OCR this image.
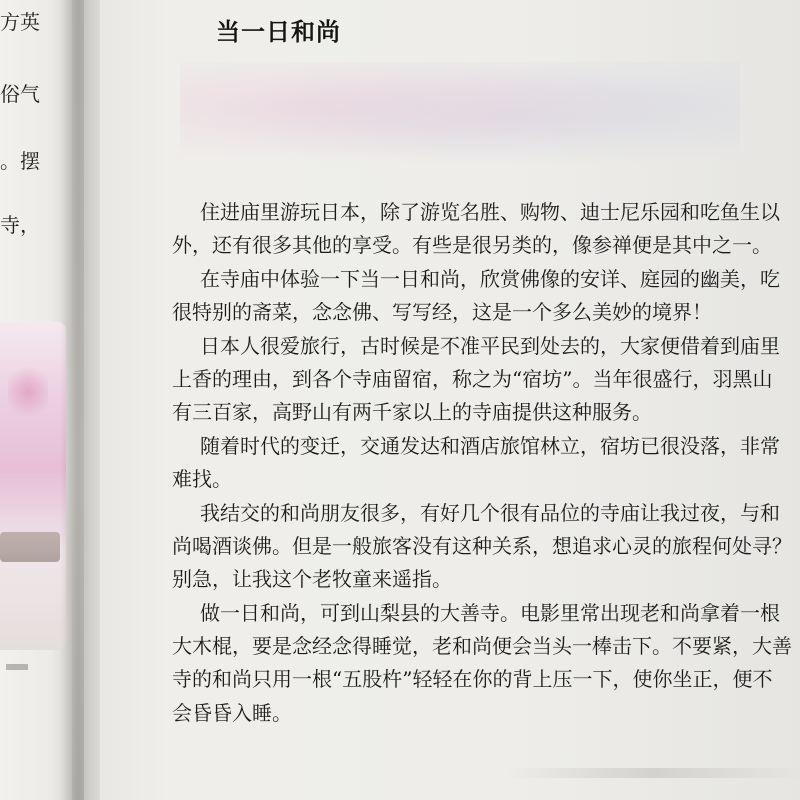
方英
俗气
。摆
寺，
当一日和尚
住进庙里游玩日本，除了游览名胜、购物、迪士尼乐园和吃鱼生以
外，还有很多其他的享受。有些是很另类的，像参禅便是其中之一。
在寺庙中体验一下当一日和尚，欣赏佛像的安详、庭园的幽美，吃
很特别的斋菜，念念佛、写写经，这是一个多么美妙的境界！
日本人很爱旅行，古时候是不准平民到处去的，大家便借着到庙里
上香的理由，到各个寺庙留宿，称之为“宿坊”。当年很盛行，羽黑山
有三百家，高野山有两千家以上的寺庙提供这种服务。
随着时代的变迁，交通发达和酒店旅馆林立，宿坊已很没落，非常
难找。
我结交的和尚朋友很多，有好几个很有品位的寺庙让我过夜，与和
尚喝酒谈佛。但是一般旅客没有这种关系，想追求心灵的旅程何处寻？
别急，让我这个老牧童来遥指。
做一日和尚，可到山梨县的大善寺。电影里常出现老和尚拿着一根
大木棍，要是念经念得睡觉，老和尚便会当头一棒击下。不要紧，大善
寺的和尚只用一根“五股杵”轻轻在你的背上压一下，使你坐正，便不
会昏昏入睡。
